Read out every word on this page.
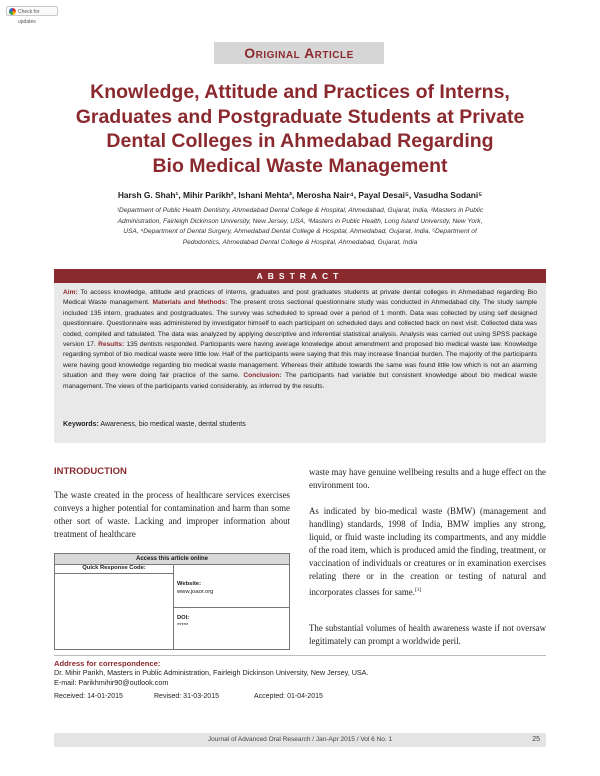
Check for updates
Original Article
Knowledge, Attitude and Practices of Interns,
Graduates and Postgraduate Students at Private
Dental Colleges in Ahmedabad Regarding
Bio Medical Waste Management
Harsh G. Shah¹, Mihir Parikh², Ishani Mehta³, Merosha Nair⁴, Payal Desai⁵, Vasudha Sodani⁵
¹Department of Public Health Dentistry, Ahmedabad Dental College & Hospital, Ahmedabad, Gujarat, India, ²Masters in Public
Administration, Fairleigh Dickinson University, New Jersey, USA, ³Masters in Public Health, Long Island University, New York,
USA, ⁴Department of Dental Surgery, Ahmedabad Dental College & Hospital, Ahmedabad, Gujarat, India, ⁵Department of
Pedodontics, Ahmedabad Dental College & Hospital, Ahmedabad, Gujarat, India
ABSTRACT
Aim: To access knowledge, attitude and practices of interns, graduates and post graduates students at private dental colleges in Ahmedabad regarding Bio Medical Waste management. Materials and Methods: The present cross sectional questionnaire study was conducted in Ahmedabad city. The study sample included 135 intern, graduates and postgraduates. The survey was scheduled to spread over a period of 1 month. Data was collected by using self designed questionnaire. Questionnaire was administered by investigator himself to each participant on scheduled days and collected back on next visit. Collected data was coded, compiled and tabulated. The data was analyzed by applying descriptive and inferential statistical analysis. Analysis was carried out using SPSS package version 17. Results: 135 dentists responded. Participants were having average knowledge about amendment and proposed bio medical waste law. Knowledge regarding symbol of bio medical waste were little low. Half of the participants were saying that this may increase financial burden. The majority of the participants were having good knowledge regarding bio medical waste management. Whereas their attitude towards the same was found little low which is not an alarming situation and they were doing fair practice of the same. Conclusion: The participants had variable but consistent knowledge about bio medical waste management. The views of the participants varied considerably, as inferred by the results.
Keywords: Awareness, bio medical waste, dental students
INTRODUCTION
The waste created in the process of healthcare services exercises conveys a higher potential for contamination and harm than some other sort of waste. Lacking and improper information about treatment of healthcare
waste may have genuine wellbeing results and a huge effect on the environment too.
As indicated by bio-medical waste (BMW) (management and handling) standards, 1998 of India, BMW implies any strong, liquid, or fluid waste including its compartments, and any middle of the road item, which is produced amid the finding, treatment, or vaccination of individuals or creatures or in examination exercises relating there or in the creation or testing of natural and incorporates classes for same.[1]
The substantial volumes of health awareness waste if not oversaw legitimately can prompt a worldwide peril.
Access this article online
Quick Response Code:
Website:
www.joaor.org
DOI:
*****
Address for correspondence:
Dr. Mihir Parikh, Masters in Public Administration, Fairleigh Dickinson University, New Jersey, USA.
E-mail: Parikhmihir90@outlook.com
Received: 14-01-2015	Revised: 31-03-2015	Accepted: 01-04-2015
Journal of Advanced Oral Research / Jan-Apr 2015 / Vol 6 No. 1	25
